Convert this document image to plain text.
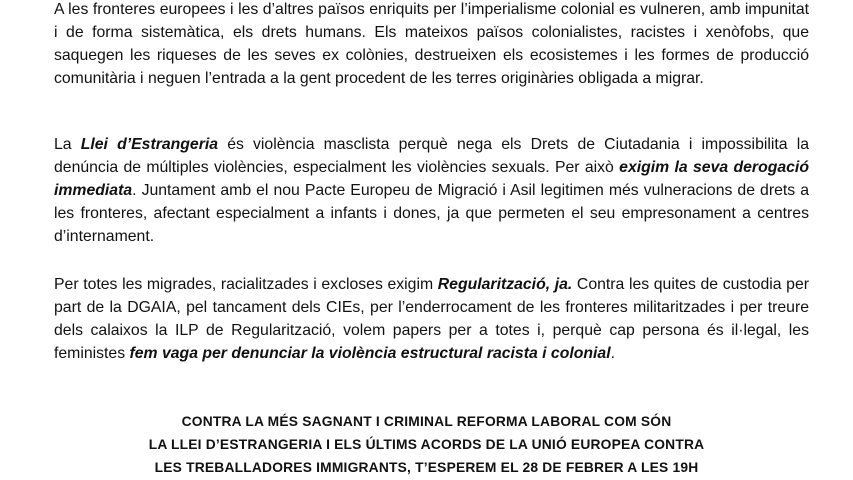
A les fronteres europees i les d’altres països enriquits per l’imperialisme colonial es vulneren, amb impunitat i de forma sistemàtica, els drets humans. Els mateixos països colonialistes, racistes i xenòfobs, que saquegen les riqueses de les seves ex colònies, destrueixen els ecosistemes i les formes de producció comunitària i neguen l’entrada a la gent procedent de les terres originàries obligada a migrar.

La Llei d’Estrangeria és violència masclista perquè nega els Drets de Ciutadania i impossibilita la denúncia de múltiples violències, especialment les violències sexuals. Per això exigim la seva derogació immediata. Juntament amb el nou Pacte Europeu de Migració i Asil legitimen més vulneracions de drets a les fronteres, afectant especialment a infants i dones, ja que permeten el seu empresonament a centres d’internament.

Per totes les migrades, racialitzades i excloses exigim Regularització, ja. Contra les quites de custodia per part de la DGAIA, pel tancament dels CIEs, per l’enderrocament de les fronteres militaritzades i per treure dels calaixos la ILP de Regularització, volem papers per a totes i, perquè cap persona és il·legal, les feministes fem vaga per denunciar la violència estructural racista i colonial.

CONTRA LA MÉS SAGNANT I CRIMINAL REFORMA LABORAL COM SÓN
LA LLEI D’ESTRANGERIA I ELS ÚLTIMS ACORDS DE LA UNIÓ EUROPEA CONTRA
LES TREBALLADORES IMMIGRANTS, T’ESPEREM EL 28 DE FEBRER A LES 19H
